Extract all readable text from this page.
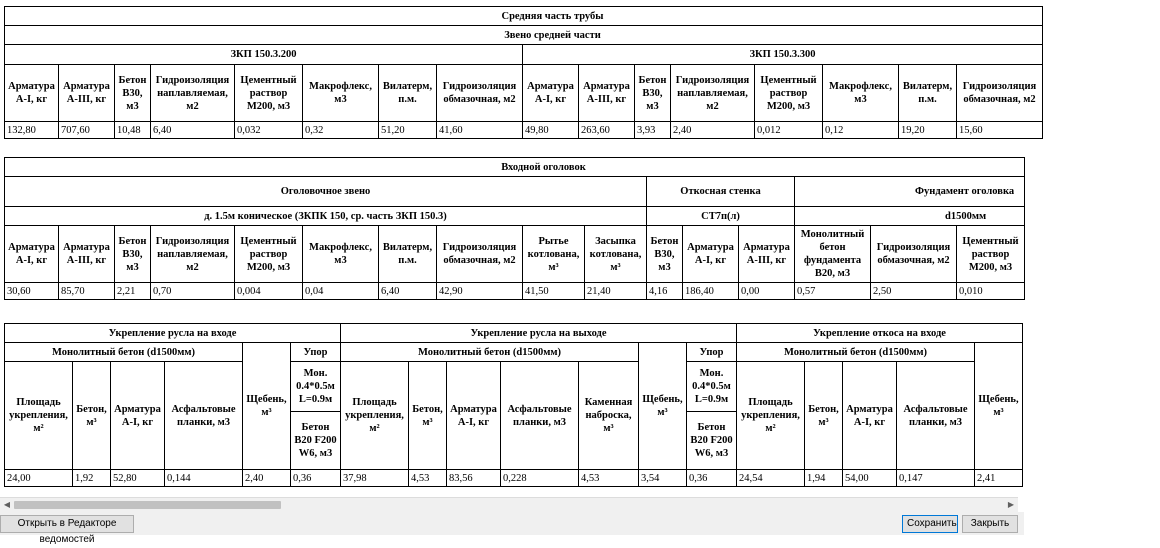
Средняя часть трубы															
Звено средней части															
ЗКП 150.3.200								ЗКП 150.3.300							
Арматура А-I, кг	Арматура А-III, кг	Бетон В30, м3	Гидроизоляция наплавляемая, м2	Цементный раствор М200, м3	Макрофлекс, м3	Вилатерм, п.м.	Гидроизоляция обмазочная, м2	Арматура А-I, кг	Арматура А-III, кг	Бетон В30, м3	Гидроизоляция наплавляемая, м2	Цементный раствор М200, м3	Макрофлекс, м3	Вилатерм, п.м.	Гидроизоляция обмазочная, м2
132,80	707,60	10,48	6,40	0,032	0,32	51,20	41,60	49,80	263,60	3,93	2,40	0,012	0,12	19,20	15,60
Входной оголовок															
Оголовочное звено										Откосная стенка			Фундамент оголовка		
д. 1.5м коническое (ЗКПК 150, ср. часть ЗКП 150.3)										СТ7п(л)			d1500мм		
Арматура А-I, кг	Арматура А-III, кг	Бетон В30, м3	Гидроизоляция наплавляемая, м2	Цементный раствор М200, м3	Макрофлекс, м3	Вилатерм, п.м.	Гидроизоляция обмазочная, м2	Рытье котлована, м³	Засыпка котлована, м³	Бетон В30, м3	Арматура А-I, кг	Арматура А-III, кг	Монолитный бетон фундамента В20, м3	Гидроизоляция обмазочная, м2	Цементный раствор М200, м3
30,60	85,70	2,21	0,70	0,004	0,04	6,40	42,90	41,50	21,40	4,16	186,40	0,00	0,57	2,50	0,010
Укрепление русла на входе						Укрепление русла на выходе							Укрепление откоса на входе				
Монолитный бетон (d1500мм)				Щебень, м³	Упор	Монолитный бетон (d1500мм)					Щебень, м³	Упор	Монолитный бетон (d1500мм)				Щебень, м³
Площадь укрепления, м²	Бетон, м³	Арматура А-I, кг	Асфальтовые планки, м3		Мон. 0.4*0.5м L=0.9м	Площадь укрепления, м²	Бетон, м³	Арматура А-I, кг	Асфальтовые планки, м3	Каменная наброска, м³		Мон. 0.4*0.5м L=0.9м	Площадь укрепления, м²	Бетон, м³	Арматура А-I, кг	Асфальтовые планки, м3	
					Бетон В20 F200 W6, м3							Бетон В20 F200 W6, м3					
24,00	1,92	52,80	0,144	2,40	0,36	37,98	4,53	83,56	0,228	4,53	3,54	0,36	24,54	1,94	54,00	0,147	2,41
◀	▶
Открыть в Редакторе ведомостей
Сохранить	Закрыть
